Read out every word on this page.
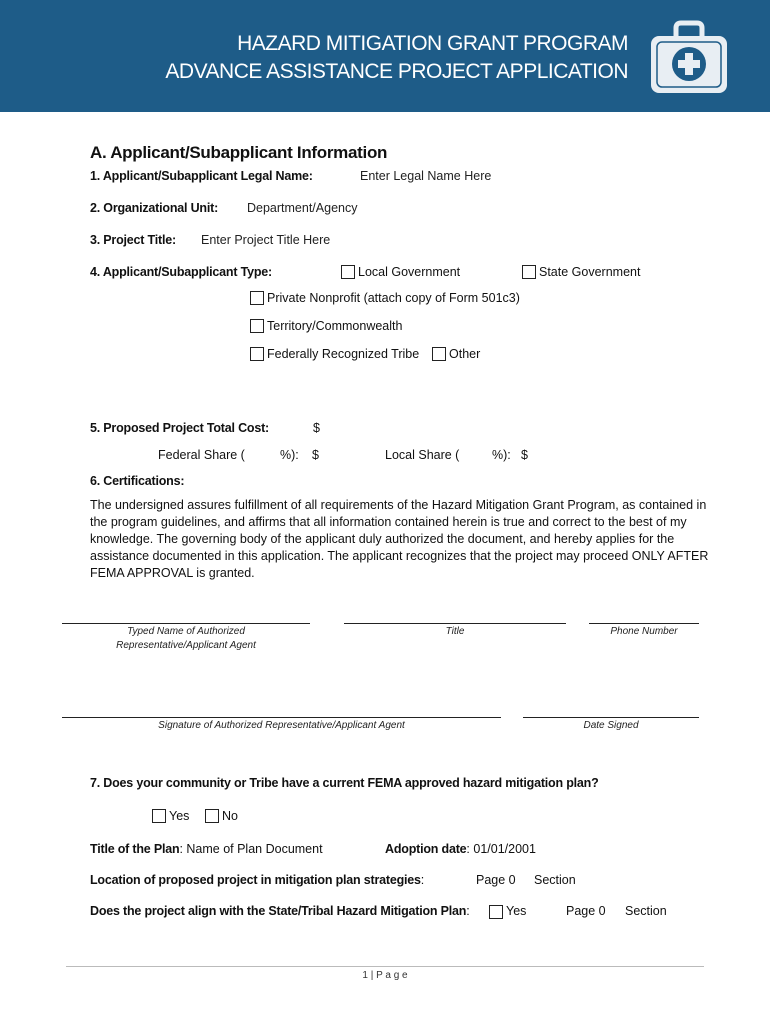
HAZARD MITIGATION GRANT PROGRAM
ADVANCE ASSISTANCE PROJECT APPLICATION
A. Applicant/Subapplicant Information
1. Applicant/Subapplicant Legal Name:	Enter Legal Name Here
2. Organizational Unit: Department/Agency
3. Project Title: Enter Project Title Here
4. Applicant/Subapplicant Type:	Local Government	State Government
Private Nonprofit (attach copy of Form 501c3)
Territory/Commonwealth
Federally Recognized Tribe Other
5. Proposed Project Total Cost:	$
Federal Share (	%): $	Local Share (	%): $
6. Certifications:
The undersigned assures fulfillment of all requirements of the Hazard Mitigation Grant Program, as contained in
the program guidelines, and affirms that all information contained herein is true and correct to the best of my
knowledge. The governing body of the applicant duly authorized the document, and hereby applies for the
assistance documented in this application. The applicant recognizes that the project may proceed ONLY AFTER
FEMA APPROVAL is granted.
Typed Name of Authorized
Representative/Applicant Agent
Title	Phone Number
Signature of Authorized Representative/Applicant Agent	Date Signed
7. Does your community or Tribe have a current FEMA approved hazard mitigation plan?
Yes	No
Title of the Plan: Name of Plan Document	Adoption date: 01/01/2001
Location of proposed project in mitigation plan strategies:	Page 0 Section
Does the project align with the State/Tribal Hazard Mitigation Plan:	Yes	Page 0 Section
1 | P a g e
